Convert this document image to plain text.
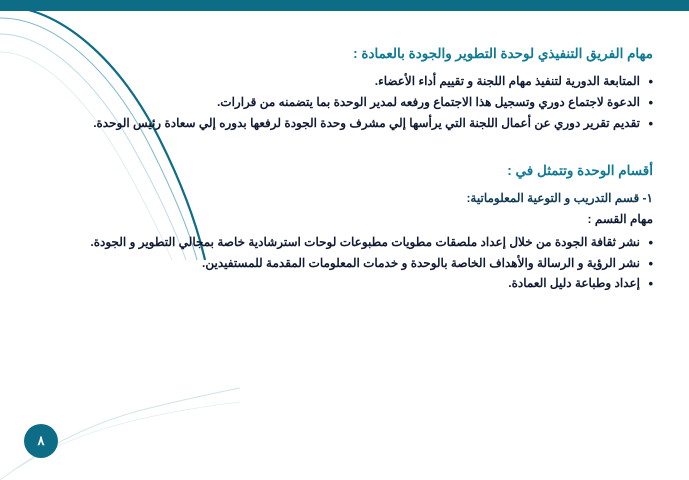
مهام الفريق التنفيذي لوحدة التطوير والجودة بالعمادة :
• المتابعة الدورية لتنفيذ مهام اللجنة و تقييم أداء الأعضاء.
• الدعوة لاجتماع دوري وتسجيل هذا الاجتماع ورفعه لمدير الوحدة بما يتضمنه من قرارات.
• تقديم تقرير دوري عن أعمال اللجنة التي يرأسها إلي مشرف وحدة الجودة لرفعها بدوره إلي سعادة رئيس الوحدة.
أقسام الوحدة وتتمثل في :

١- قسم التدريب و التوعية المعلوماتية:

مهام القسم :

• نشر ثقافة الجودة من خلال إعداد ملصقات مطويات مطبوعات لوحات استرشادية خاصة بمجالي التطوير و الجودة.
• نشر الرؤية و الرسالة والأهداف الخاصة بالوحدة و خدمات المعلومات المقدمة للمستفيدين.
• إعداد وطباعة دليل العمادة.
٨
